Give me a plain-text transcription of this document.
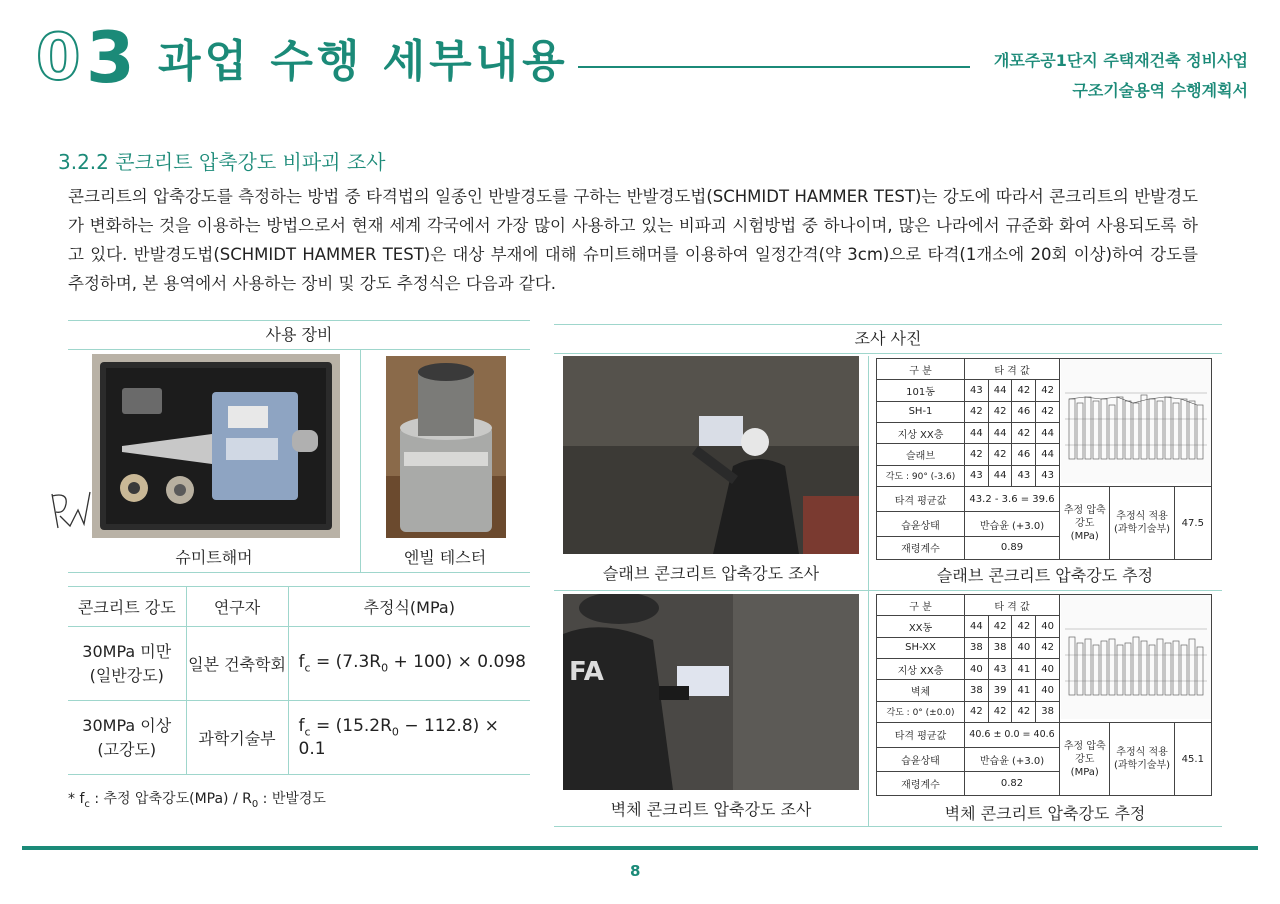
0 3 과업 수행 세부내용	개포주공1단지 주택재건축 정비사업
구조기술용역 수행계획서
3.2.2 콘크리트 압축강도 비파괴 조사
콘크리트의 압축강도를 측정하는 방법 중 타격법의 일종인 반발경도를 구하는 반발경도법(SCHMIDT HAMMER TEST)는 강도에 따라서 콘크리트의 반발경도가 변화하는 것을 이용하는 방법으로서 현재 세계 각국에서 가장 많이 사용하고 있는 비파괴 시험방법 중 하나이며, 많은 나라에서 규준화 화여 사용되도록 하고 있다. 반발경도법(SCHMIDT HAMMER TEST)은 대상 부재에 대해 슈미트해머를 이용하여 일정간격(약 3cm)으로 타격(1개소에 20회 이상)하여 강도를 추정하며, 본 용역에서 사용하는 장비 및 강도 추정식은 다음과 같다.
사용 장비
슈미트해머	엔빌 테스터
콘크리트 강도	연구자	추정식(MPa)

30MPa 미만
(일반강도)	일본 건축학회	$f_c = (7.3R_0 + 100) \times 0.098$

30MPa 이상
(고강도)	과학기술부	$f_c = (15.2R_0 - 112.8) \times 0.1$
* $f_c$ : 추정 압축강도$(MPa) / R_0$ : 반발경도
조사 사진
구 분	타 격 값	
101동	43	44	42	42	
SH-1	42	42	46	42	
지상 XX층	44	44	42	44	
슬래브	42	42	46	44	
각도 : 90° (-3.6)	43	44	43	43	
타격 평균값	43.2 - 3.6 = 39.6				추정 압축강도 (MPa)
추정식 적용 (과학기술부)
47.5

습윤상태	반습윤 (+3.0)				
재령계수	0.89				
슬래브 콘크리트 압축강도 조사	슬래브 콘크리트 압축강도 추정
FA
구 분	타 격 값	
XX동	44	42	42	40	
SH-XX	38	38	40	42	
지상 XX층	40	43	41	40	
벽체	38	39	41	40	
각도 : 0° (±0.0)	42	42	42	38	
타격 평균값	40.6 ± 0.0 = 40.6				추정 압축강도 (MPa)
추정식 적용 (과학기술부)
45.1

습윤상태	반습윤 (+3.0)				
재령계수	0.82				
벽체 콘크리트 압축강도 조사	벽체 콘크리트 압축강도 추정
8
